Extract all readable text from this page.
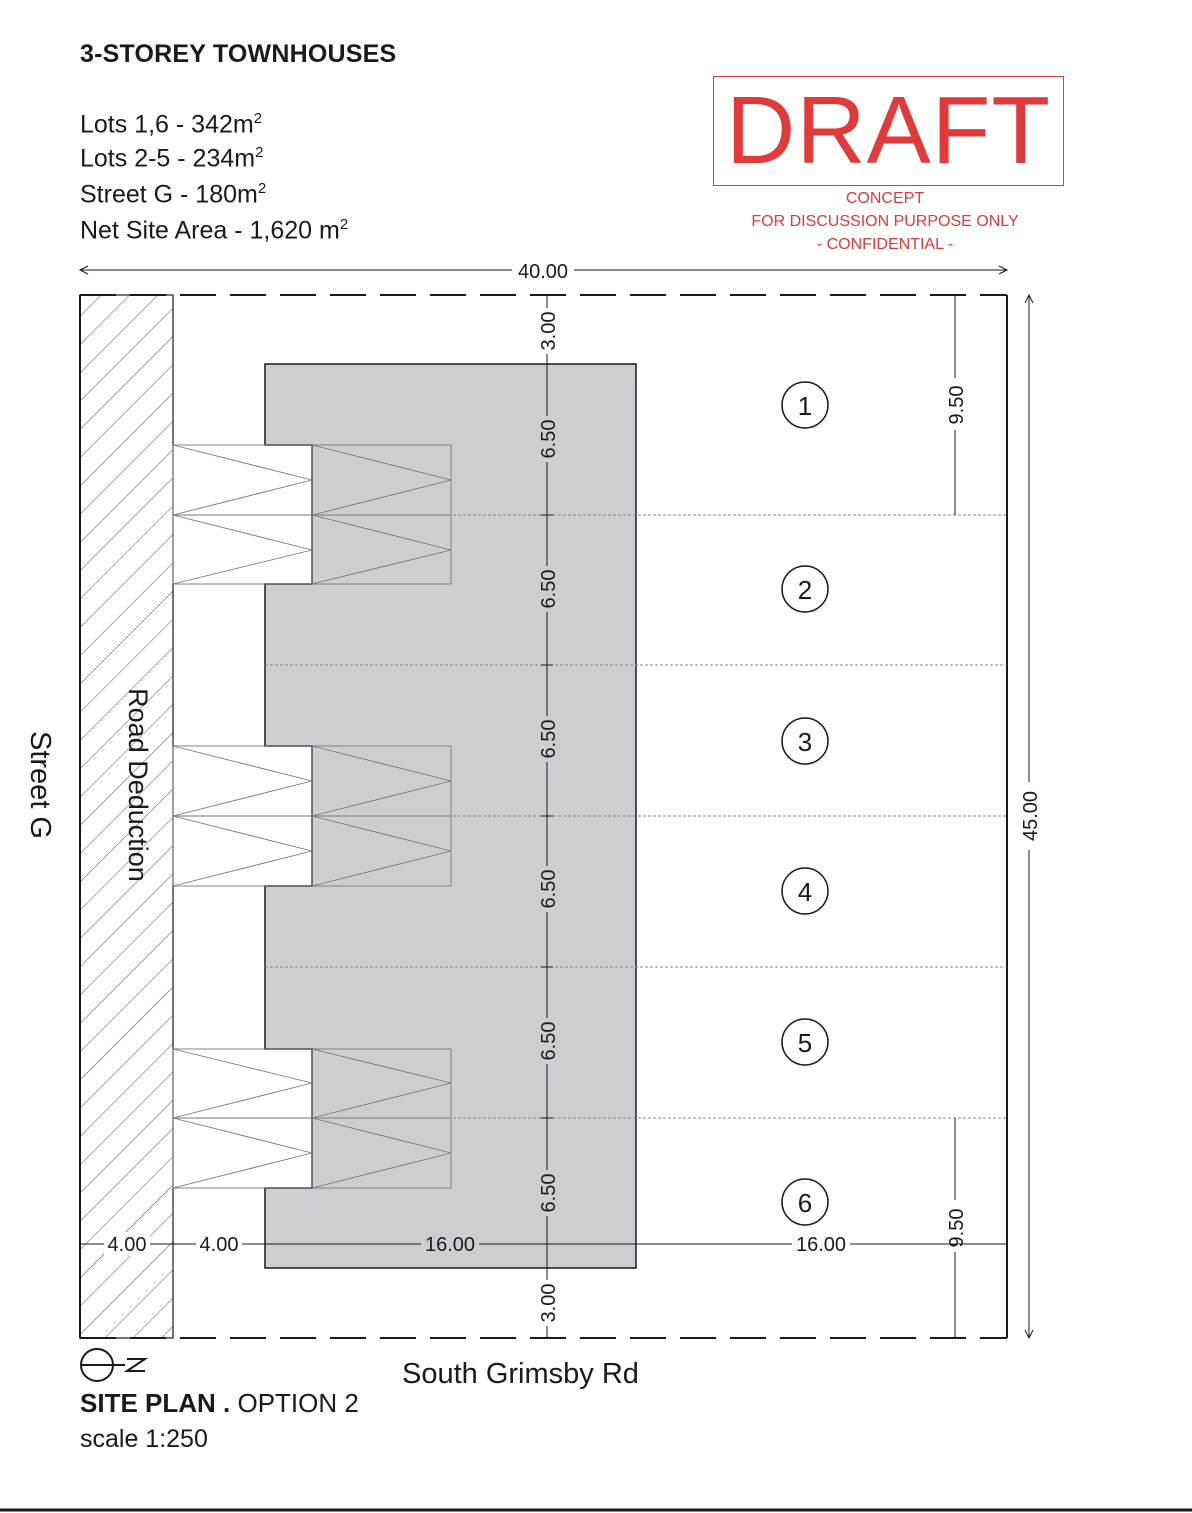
3-STOREY TOWNHOUSES
Lots $1,6 - 342m^2$
Lots $2-5 - 234m^2$
Street G - $180m^2$
Net Site Area - 1,620 $m^2$
DRAFT
CONCEPT
FOR DISCUSSION PURPOSE ONLY
- CONFIDENTIAL -
40.00
45.00
9.50
9.50
4.00	4.00	16.00	16.00
3.00
6.50
6.50
6.50
6.50
6.50
6.50
3.00
1
2
3
4
5
6
Street G Road Deduction
South Grimsby Rd
SITE PLAN . OPTION 2
scale 1:250
